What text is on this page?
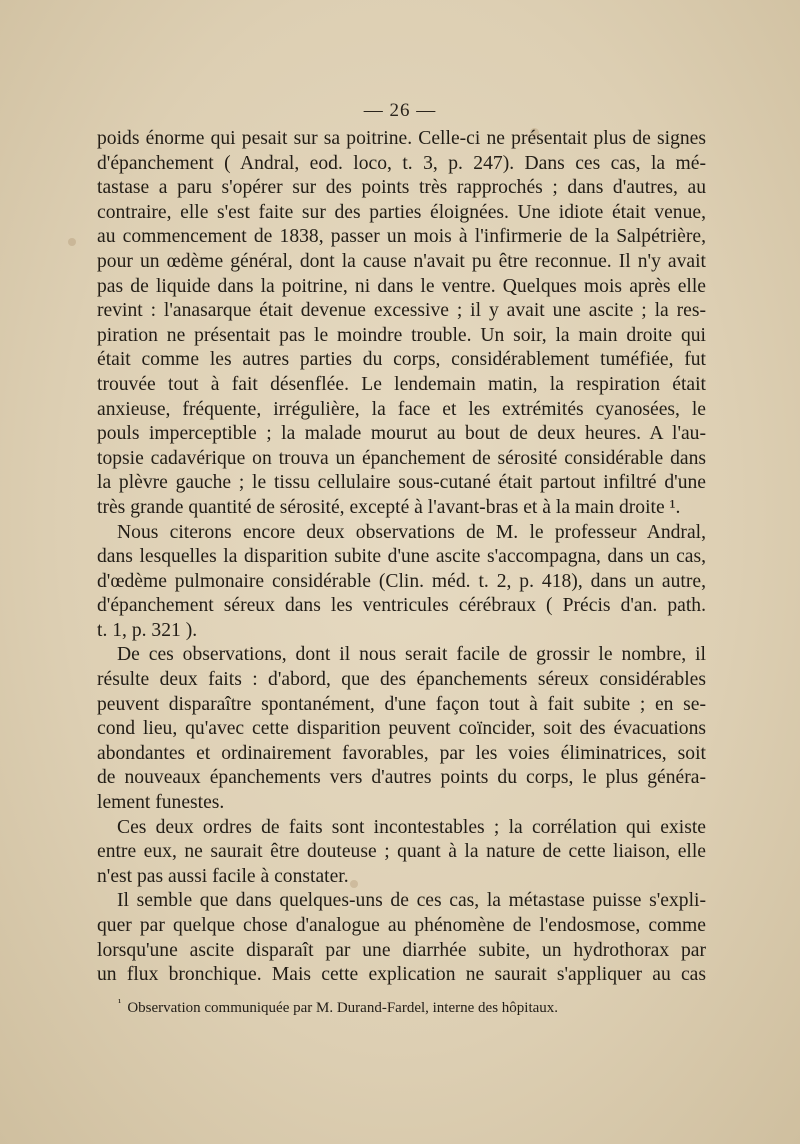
— 26 —
poids énorme qui pesait sur sa poitrine. Celle-ci ne présentait plus de signes
d'épanchement ( Andral, eod. loco, t. 3, p. 247). Dans ces cas, la mé-
tastase a paru s'opérer sur des points très rapprochés ; dans d'autres, au
contraire, elle s'est faite sur des parties éloignées. Une idiote était venue,
au commencement de 1838, passer un mois à l'infirmerie de la Salpétrière,
pour un œdème général, dont la cause n'avait pu être reconnue. Il n'y avait
pas de liquide dans la poitrine, ni dans le ventre. Quelques mois après elle
revint : l'anasarque était devenue excessive ; il y avait une ascite ; la res-
piration ne présentait pas le moindre trouble. Un soir, la main droite qui
était comme les autres parties du corps, considérablement tuméfiée, fut
trouvée tout à fait désenflée. Le lendemain matin, la respiration était
anxieuse, fréquente, irrégulière, la face et les extrémités cyanosées, le
pouls imperceptible ; la malade mourut au bout de deux heures. A l'au-
topsie cadavérique on trouva un épanchement de sérosité considérable dans
la plèvre gauche ; le tissu cellulaire sous-cutané était partout infiltré d'une
très grande quantité de sérosité, excepté à l'avant-bras et à la main droite ¹.
Nous citerons encore deux observations de M. le professeur Andral,
dans lesquelles la disparition subite d'une ascite s'accompagna, dans un cas,
d'œdème pulmonaire considérable (Clin. méd. t. 2, p. 418), dans un autre,
d'épanchement séreux dans les ventricules cérébraux ( Précis d'an. path.
t. 1, p. 321 ).
De ces observations, dont il nous serait facile de grossir le nombre, il
résulte deux faits : d'abord, que des épanchements séreux considérables
peuvent disparaître spontanément, d'une façon tout à fait subite ; en se-
cond lieu, qu'avec cette disparition peuvent coïncider, soit des évacuations
abondantes et ordinairement favorables, par les voies éliminatrices, soit
de nouveaux épanchements vers d'autres points du corps, le plus généra-
lement funestes.
Ces deux ordres de faits sont incontestables ; la corrélation qui existe
entre eux, ne saurait être douteuse ; quant à la nature de cette liaison, elle
n'est pas aussi facile à constater.
Il semble que dans quelques-uns de ces cas, la métastase puisse s'expli-
quer par quelque chose d'analogue au phénomène de l'endosmose, comme
lorsqu'une ascite disparaît par une diarrhée subite, un hydrothorax par
un flux bronchique. Mais cette explication ne saurait s'appliquer au cas
$^{^1}$ Observation communiquée par M. Durand-Fardel, interne des hôpitaux.
